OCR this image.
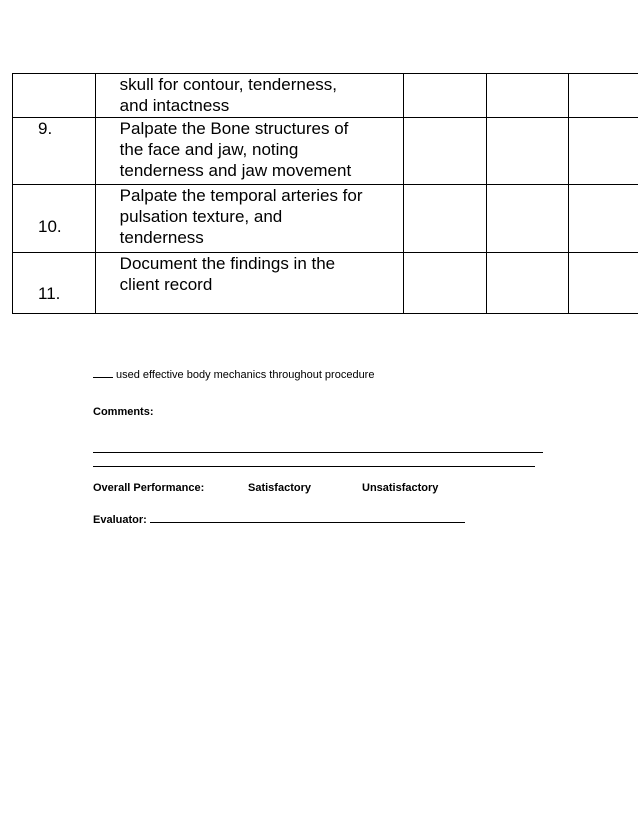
	skull for contour, tenderness,
and intactness			

9.	Palpate the Bone structures of
the face and jaw, noting
tenderness and jaw movement			

10.	Palpate the temporal arteries for
pulsation texture, and
tenderness			

11.	Document the findings in the
client record			

used effective body mechanics throughout procedure
Comments:
Overall Performance:	Satisfactory	Unsatisfactory
Evaluator:
